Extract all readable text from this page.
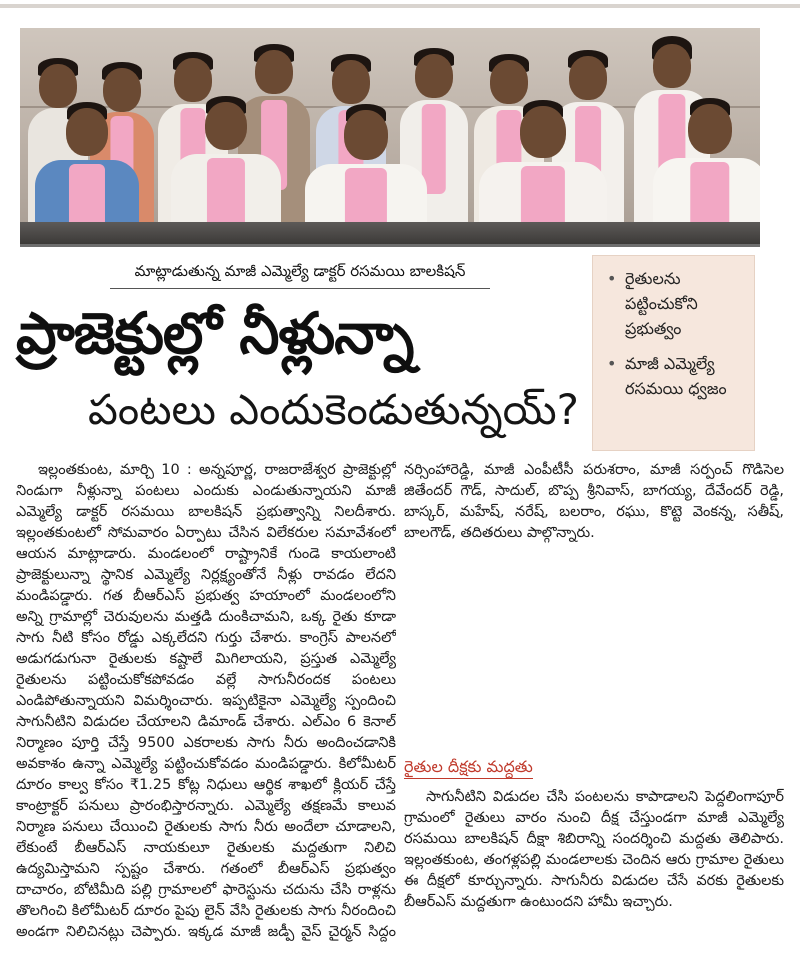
మాట్లాడుతున్న మాజీ ఎమ్మెల్యే డాక్టర్ రసమయి బాలకిషన్
ప్రాజెక్టుల్లో నీళ్లున్నా
పంటలు ఎందుకెండుతున్నయ్?
• రైతులను పట్టించుకోని ప్రభుత్వం
• మాజీ ఎమ్మెల్యే రసమయి ధ్వజం

ఇల్లంతకుంట, మార్చి 10 : అన్నపూర్ణ, రాజరాజేశ్వర ప్రాజెక్టుల్లో నిండుగా నీళ్లున్నా పంటలు ఎందుకు ఎండుతున్నాయని మాజీ ఎమ్మెల్యే డాక్టర్ రసమయి బాలకిషన్ ప్రభుత్వాన్ని నిలదీశారు. ఇల్లంతకుంటలో సోమవారం ఏర్పాటు చేసిన విలేకరుల సమావేశంలో ఆయన మాట్లాడారు. మండలంలో రాష్ట్రానికే గుండె కాయలాంటి ప్రాజెక్టులున్నా స్థానిక ఎమ్మెల్యే నిర్లక్ష్యంతోనే నీళ్లు రావడం లేదని మండిపడ్డారు. గత బీఆర్ఎస్ ప్రభుత్వ హయాంలో మండలంలోని అన్ని గ్రామాల్లో చెరువులను మత్తడి దుంకిచామని, ఒక్క రైతు కూడా సాగు నీటి కోసం రోడ్డు ఎక్కలేదని గుర్తు చేశారు. కాంగ్రెస్ పాలనలో అడుగడుగునా రైతులకు కష్టాలే మిగిలాయని, ప్రస్తుత ఎమ్మెల్యే రైతులను పట్టించుకోకపోవడం వల్లే సాగునీరందక పంటలు ఎండిపోతున్నాయని విమర్శించారు. ఇప్పటికైనా ఎమ్మెల్యే స్పందించి సాగునీటిని విడుదల చేయాలని డిమాండ్ చేశారు. ఎల్ఎం 6 కెనాల్ నిర్మాణం పూర్తి చేస్తే 9500 ఎకరాలకు సాగు నీరు అందించడానికి అవకాశం ఉన్నా ఎమ్మెల్యే పట్టించుకోవడం మండిపడ్డారు. కిలోమీటర్ దూరం కాల్వ కోసం ₹1.25 కోట్ల నిధులు ఆర్థిక శాఖలో క్లియర్ చేస్తే కాంట్రాక్టర్ పనులు ప్రారంభిస్తారన్నారు. ఎమ్మెల్యే తక్షణమే కాలువ నిర్మాణ పనులు చేయించి రైతులకు సాగు నీరు అందేలా చూడాలని, లేకుంటే బీఆర్ఎస్ నాయకులూ రైతులకు మద్దతుగా నిలిచి ఉద్యమిస్తామని స్పష్టం చేశారు. గతంలో బీఆర్ఎస్ ప్రభుత్వం దాచారం, బోటిమీది పల్లి గ్రామాలలో ఫారెస్టును చదును చేసి రాళ్లను తొలగించి కిలోమీటర్ దూరం పైపు లైన్ వేసి రైతులకు సాగు నీరందించి అండగా నిలిచినట్లు చెప్పారు. ఇక్కడ మాజీ జడ్పీ వైస్ చైర్మన్ సిద్దం

నర్సింహారెడ్డి, మాజీ ఎంపీటీసీ పరుశరాం, మాజీ సర్పంచ్ గొడిసెల జితేందర్ గౌడ్, సాదుల్, బొప్ప శ్రీనివాస్, బాగయ్య, దేవేందర్ రెడ్డి, బాస్కర్, మహేష్, నరేష్, బలరాం, రఘు, కొట్టె వెంకన్న, సతీష్, బాలగౌడ్, తదితరులు పాల్గొన్నారు.

రైతుల దీక్షకు మద్దతు

సాగునీటిని విడుదల చేసి పంటలను కాపాడాలని పెద్దలింగాపూర్ గ్రామంలో రైతులు వారం నుంచి దీక్ష చేస్తుండగా మాజీ ఎమ్మెల్యే రసమయి బాలకిషన్ దీక్షా శిబిరాన్ని సందర్శించి మద్దతు తెలిపారు. ఇల్లంతకుంట, తంగళ్లపల్లి మండలాలకు చెందిన ఆరు గ్రామాల రైతులు ఈ దీక్షలో కూర్చున్నారు. సాగునీరు విడుదల చేసే వరకు రైతులకు బీఆర్ఎస్ మద్దతుగా ఉంటుందని హామీ ఇచ్చారు.
